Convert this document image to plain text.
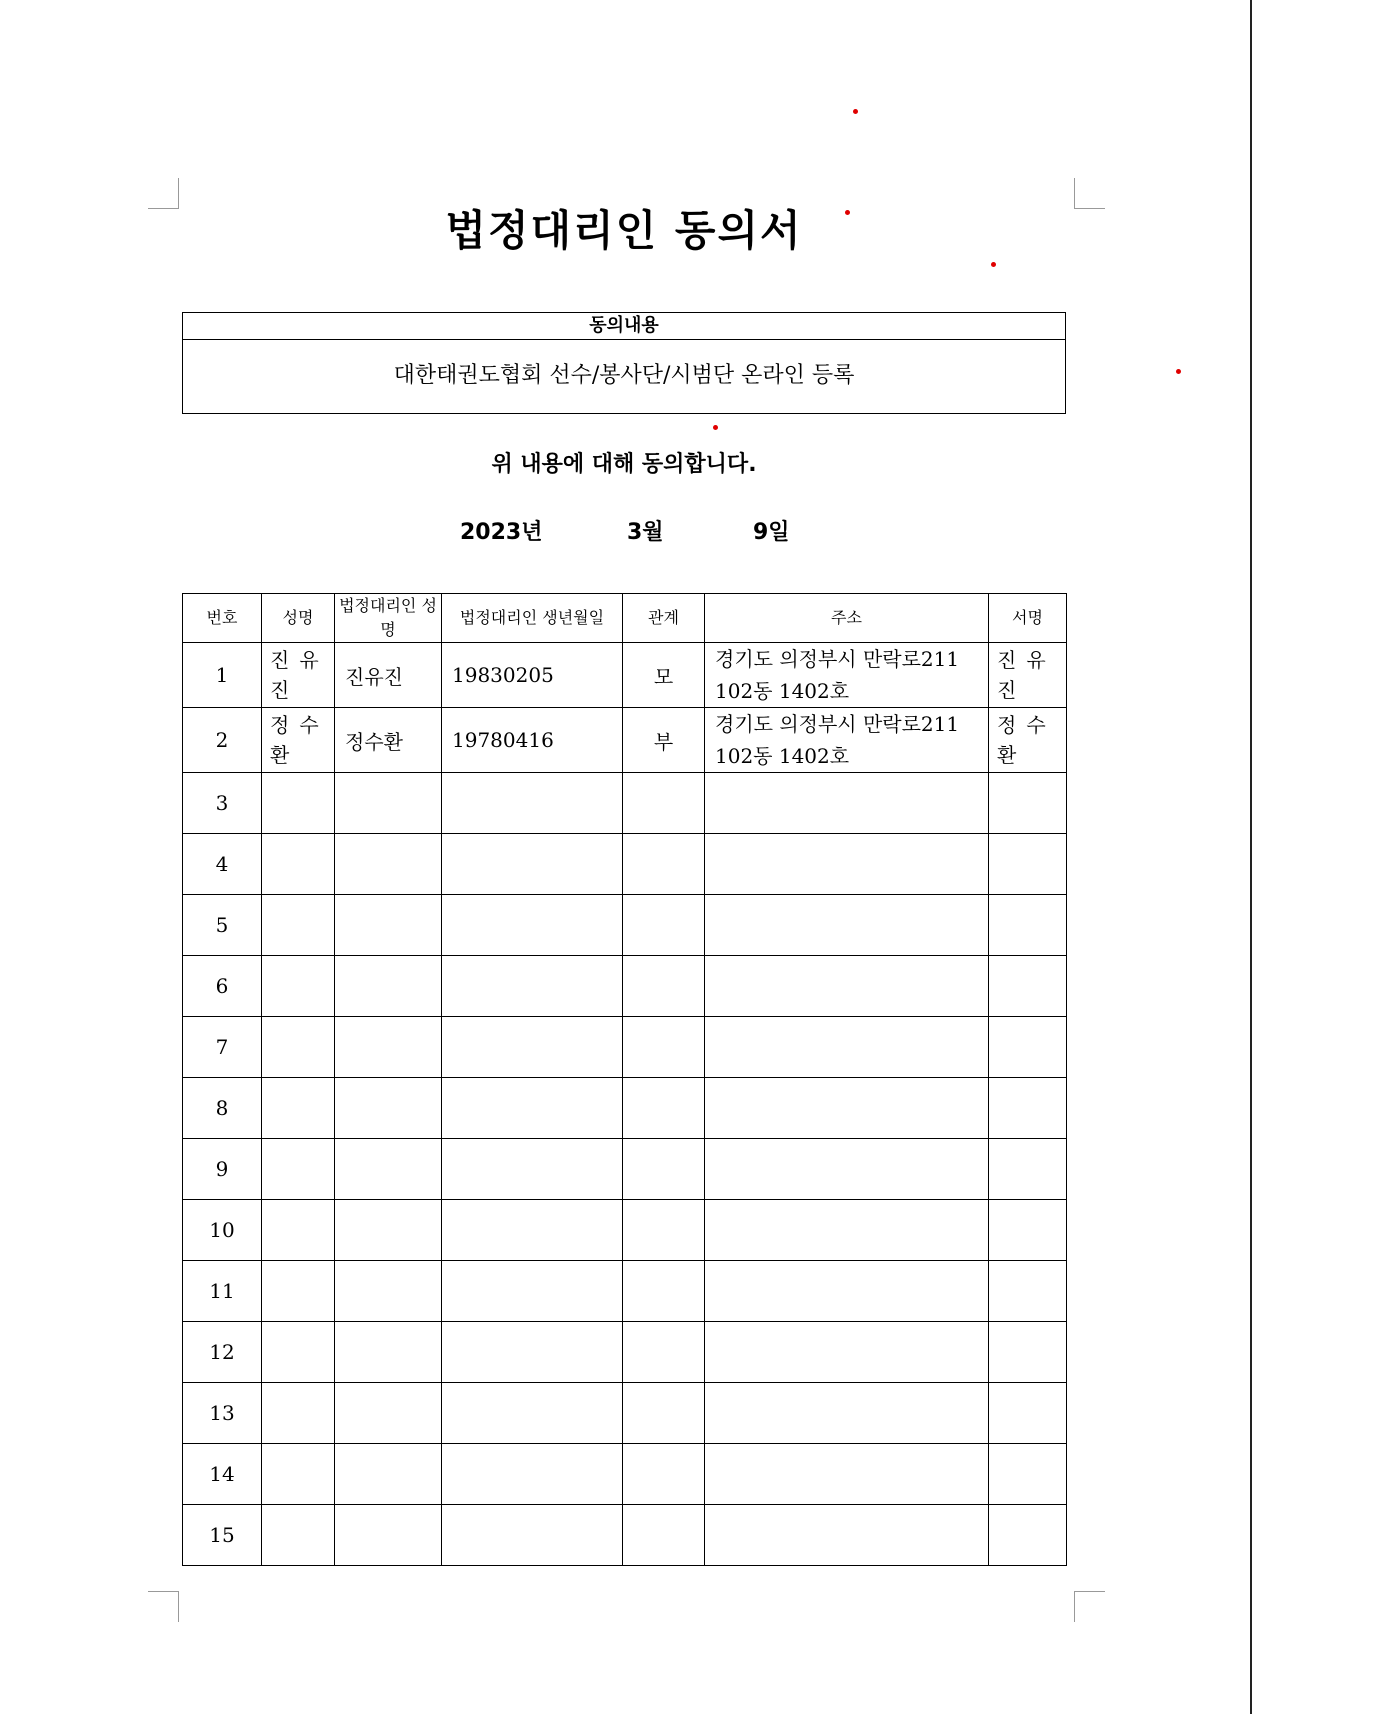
법정대리인 동의서
동의내용
대한태권도협회 선수/봉사단/시범단 온라인 등록
위 내용에 대해 동의합니다.
2023년	3월	9일
번호	성명	법정대리인 성명	법정대리인 생년월일	관계	주소	서명
1	진유진	진유진	19830205	모	경기도 의정부시 만락로211
102동 1402호	진유진
2	정수환	정수환	19780416	부	경기도 의정부시 만락로211
102동 1402호	정수환
3					

4					

5					

6					

7					

8					

9					

10					

11					

12					

13					

14					

15					
